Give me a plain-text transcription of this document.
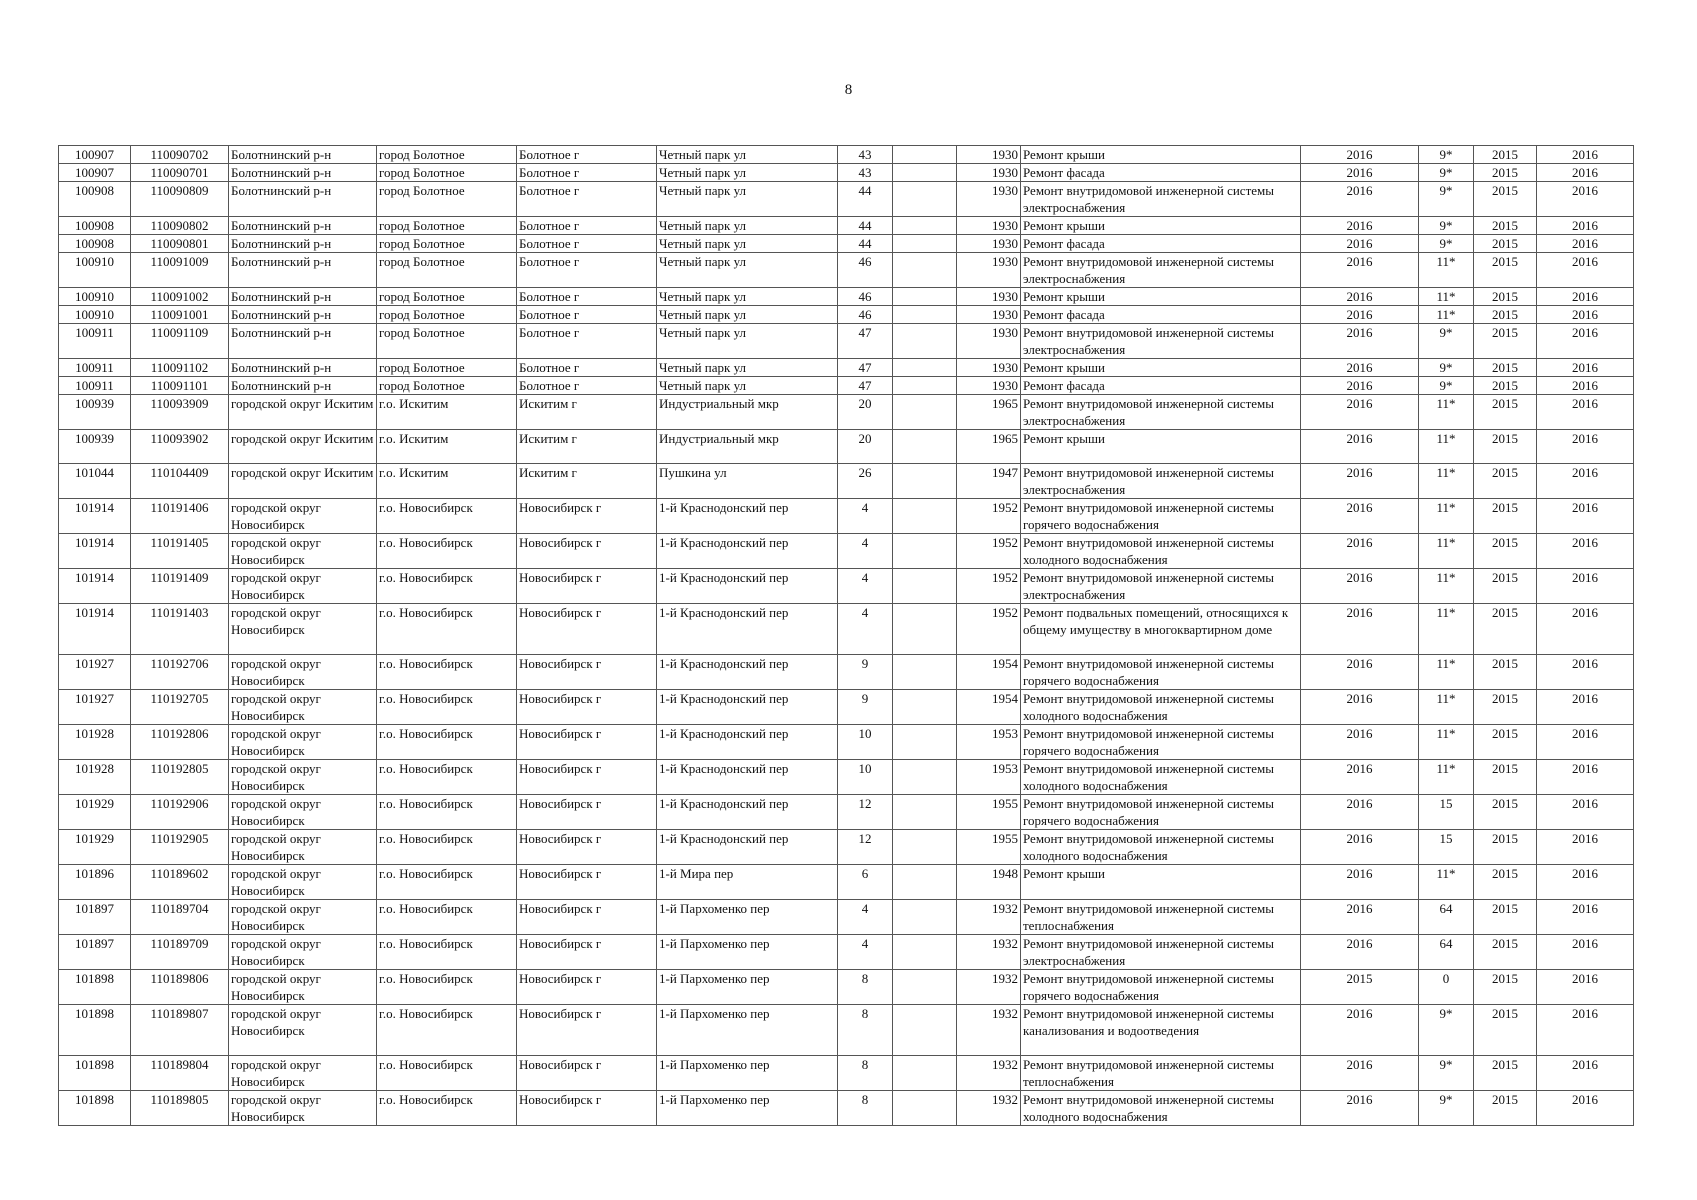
8
100907	110090702	Болотнинский р-н	город Болотное	Болотное г	Четный парк ул	43		1930	Ремонт крыши	2016	9*	2015	2016
100907	110090701	Болотнинский р-н	город Болотное	Болотное г	Четный парк ул	43		1930	Ремонт фасада	2016	9*	2015	2016
100908	110090809	Болотнинский р-н	город Болотное	Болотное г	Четный парк ул	44		1930	Ремонт внутридомовой инженерной системы электроснабжения	2016	9*	2015	2016
100908	110090802	Болотнинский р-н	город Болотное	Болотное г	Четный парк ул	44		1930	Ремонт крыши	2016	9*	2015	2016
100908	110090801	Болотнинский р-н	город Болотное	Болотное г	Четный парк ул	44		1930	Ремонт фасада	2016	9*	2015	2016
100910	110091009	Болотнинский р-н	город Болотное	Болотное г	Четный парк ул	46		1930	Ремонт внутридомовой инженерной системы электроснабжения	2016	11*	2015	2016
100910	110091002	Болотнинский р-н	город Болотное	Болотное г	Четный парк ул	46		1930	Ремонт крыши	2016	11*	2015	2016
100910	110091001	Болотнинский р-н	город Болотное	Болотное г	Четный парк ул	46		1930	Ремонт фасада	2016	11*	2015	2016
100911	110091109	Болотнинский р-н	город Болотное	Болотное г	Четный парк ул	47		1930	Ремонт внутридомовой инженерной системы электроснабжения	2016	9*	2015	2016
100911	110091102	Болотнинский р-н	город Болотное	Болотное г	Четный парк ул	47		1930	Ремонт крыши	2016	9*	2015	2016
100911	110091101	Болотнинский р-н	город Болотное	Болотное г	Четный парк ул	47		1930	Ремонт фасада	2016	9*	2015	2016
100939	110093909	городской округ Искитим	г.о. Искитим	Искитим г	Индустриальный мкр	20		1965	Ремонт внутридомовой инженерной системы электроснабжения	2016	11*	2015	2016
100939	110093902	городской округ Искитим	г.о. Искитим	Искитим г	Индустриальный мкр	20		1965	Ремонт крыши	2016	11*	2015	2016
101044	110104409	городской округ Искитим	г.о. Искитим	Искитим г	Пушкина ул	26		1947	Ремонт внутридомовой инженерной системы электроснабжения	2016	11*	2015	2016
101914	110191406	городской округ Новосибирск	г.о. Новосибирск	Новосибирск г	1-й Краснодонский пер	4		1952	Ремонт внутридомовой инженерной системы горячего водоснабжения	2016	11*	2015	2016
101914	110191405	городской округ Новосибирск	г.о. Новосибирск	Новосибирск г	1-й Краснодонский пер	4		1952	Ремонт внутридомовой инженерной системы холодного водоснабжения	2016	11*	2015	2016
101914	110191409	городской округ Новосибирск	г.о. Новосибирск	Новосибирск г	1-й Краснодонский пер	4		1952	Ремонт внутридомовой инженерной системы электроснабжения	2016	11*	2015	2016
101914	110191403	городской округ Новосибирск	г.о. Новосибирск	Новосибирск г	1-й Краснодонский пер	4		1952	Ремонт подвальных помещений, относящихся к общему имуществу в многоквартирном доме	2016	11*	2015	2016
101927	110192706	городской округ Новосибирск	г.о. Новосибирск	Новосибирск г	1-й Краснодонский пер	9		1954	Ремонт внутридомовой инженерной системы горячего водоснабжения	2016	11*	2015	2016
101927	110192705	городской округ Новосибирск	г.о. Новосибирск	Новосибирск г	1-й Краснодонский пер	9		1954	Ремонт внутридомовой инженерной системы холодного водоснабжения	2016	11*	2015	2016
101928	110192806	городской округ Новосибирск	г.о. Новосибирск	Новосибирск г	1-й Краснодонский пер	10		1953	Ремонт внутридомовой инженерной системы горячего водоснабжения	2016	11*	2015	2016
101928	110192805	городской округ Новосибирск	г.о. Новосибирск	Новосибирск г	1-й Краснодонский пер	10		1953	Ремонт внутридомовой инженерной системы холодного водоснабжения	2016	11*	2015	2016
101929	110192906	городской округ Новосибирск	г.о. Новосибирск	Новосибирск г	1-й Краснодонский пер	12		1955	Ремонт внутридомовой инженерной системы горячего водоснабжения	2016	15	2015	2016
101929	110192905	городской округ Новосибирск	г.о. Новосибирск	Новосибирск г	1-й Краснодонский пер	12		1955	Ремонт внутридомовой инженерной системы холодного водоснабжения	2016	15	2015	2016
101896	110189602	городской округ Новосибирск	г.о. Новосибирск	Новосибирск г	1-й Мира пер	6		1948	Ремонт крыши	2016	11*	2015	2016
101897	110189704	городской округ Новосибирск	г.о. Новосибирск	Новосибирск г	1-й Пархоменко пер	4		1932	Ремонт внутридомовой инженерной системы теплоснабжения	2016	64	2015	2016
101897	110189709	городской округ Новосибирск	г.о. Новосибирск	Новосибирск г	1-й Пархоменко пер	4		1932	Ремонт внутридомовой инженерной системы электроснабжения	2016	64	2015	2016
101898	110189806	городской округ Новосибирск	г.о. Новосибирск	Новосибирск г	1-й Пархоменко пер	8		1932	Ремонт внутридомовой инженерной системы горячего водоснабжения	2015	0	2015	2016
101898	110189807	городской округ Новосибирск	г.о. Новосибирск	Новосибирск г	1-й Пархоменко пер	8		1932	Ремонт внутридомовой инженерной системы канализования и водоотведения	2016	9*	2015	2016
101898	110189804	городской округ Новосибирск	г.о. Новосибирск	Новосибирск г	1-й Пархоменко пер	8		1932	Ремонт внутридомовой инженерной системы теплоснабжения	2016	9*	2015	2016
101898	110189805	городской округ Новосибирск	г.о. Новосибирск	Новосибирск г	1-й Пархоменко пер	8		1932	Ремонт внутридомовой инженерной системы холодного водоснабжения	2016	9*	2015	2016
